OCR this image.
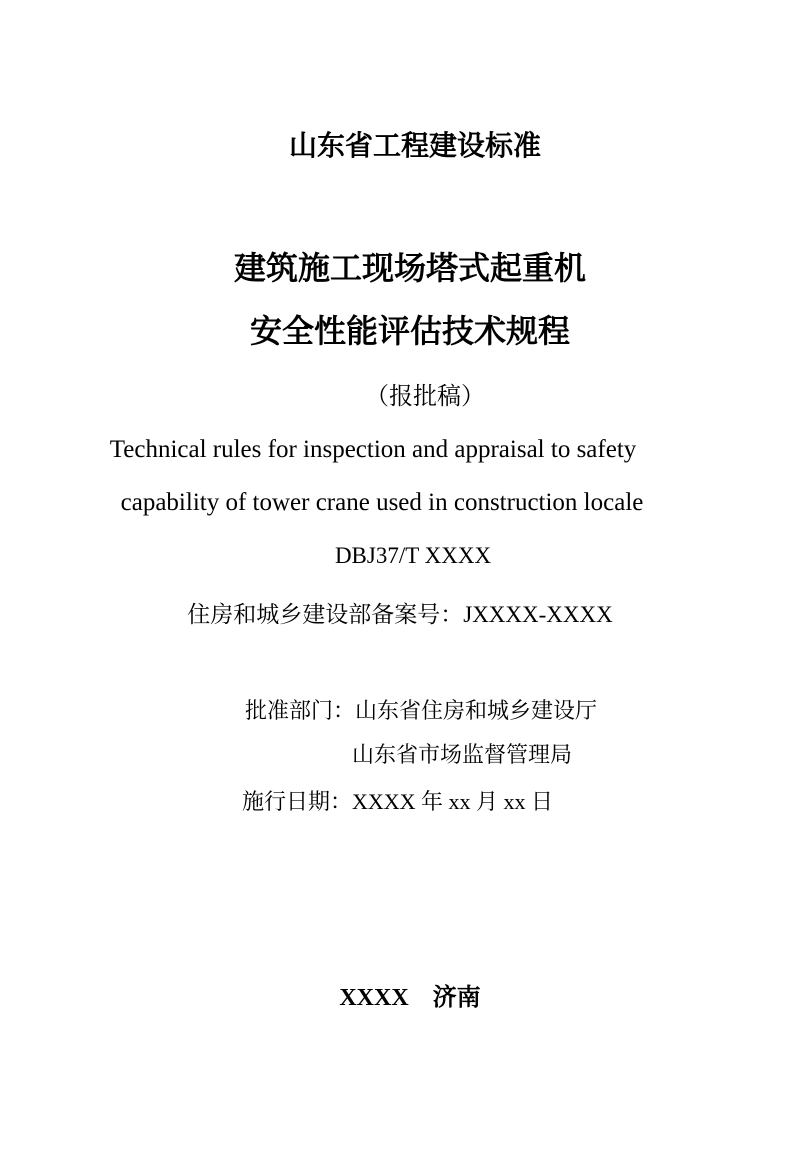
山东省工程建设标准
建筑施工现场塔式起重机
安全性能评估技术规程
（报批稿）
Technical rules for inspection and appraisal to safety
capability of tower crane used in construction locale
DBJ37/T XXXX
住房和城乡建设部备案号：JXXXX-XXXX
批准部门：山东省住房和城乡建设厅
山东省市场监督管理局
施行日期：XXXX 年 xx 月 xx 日
XXXX　济南
